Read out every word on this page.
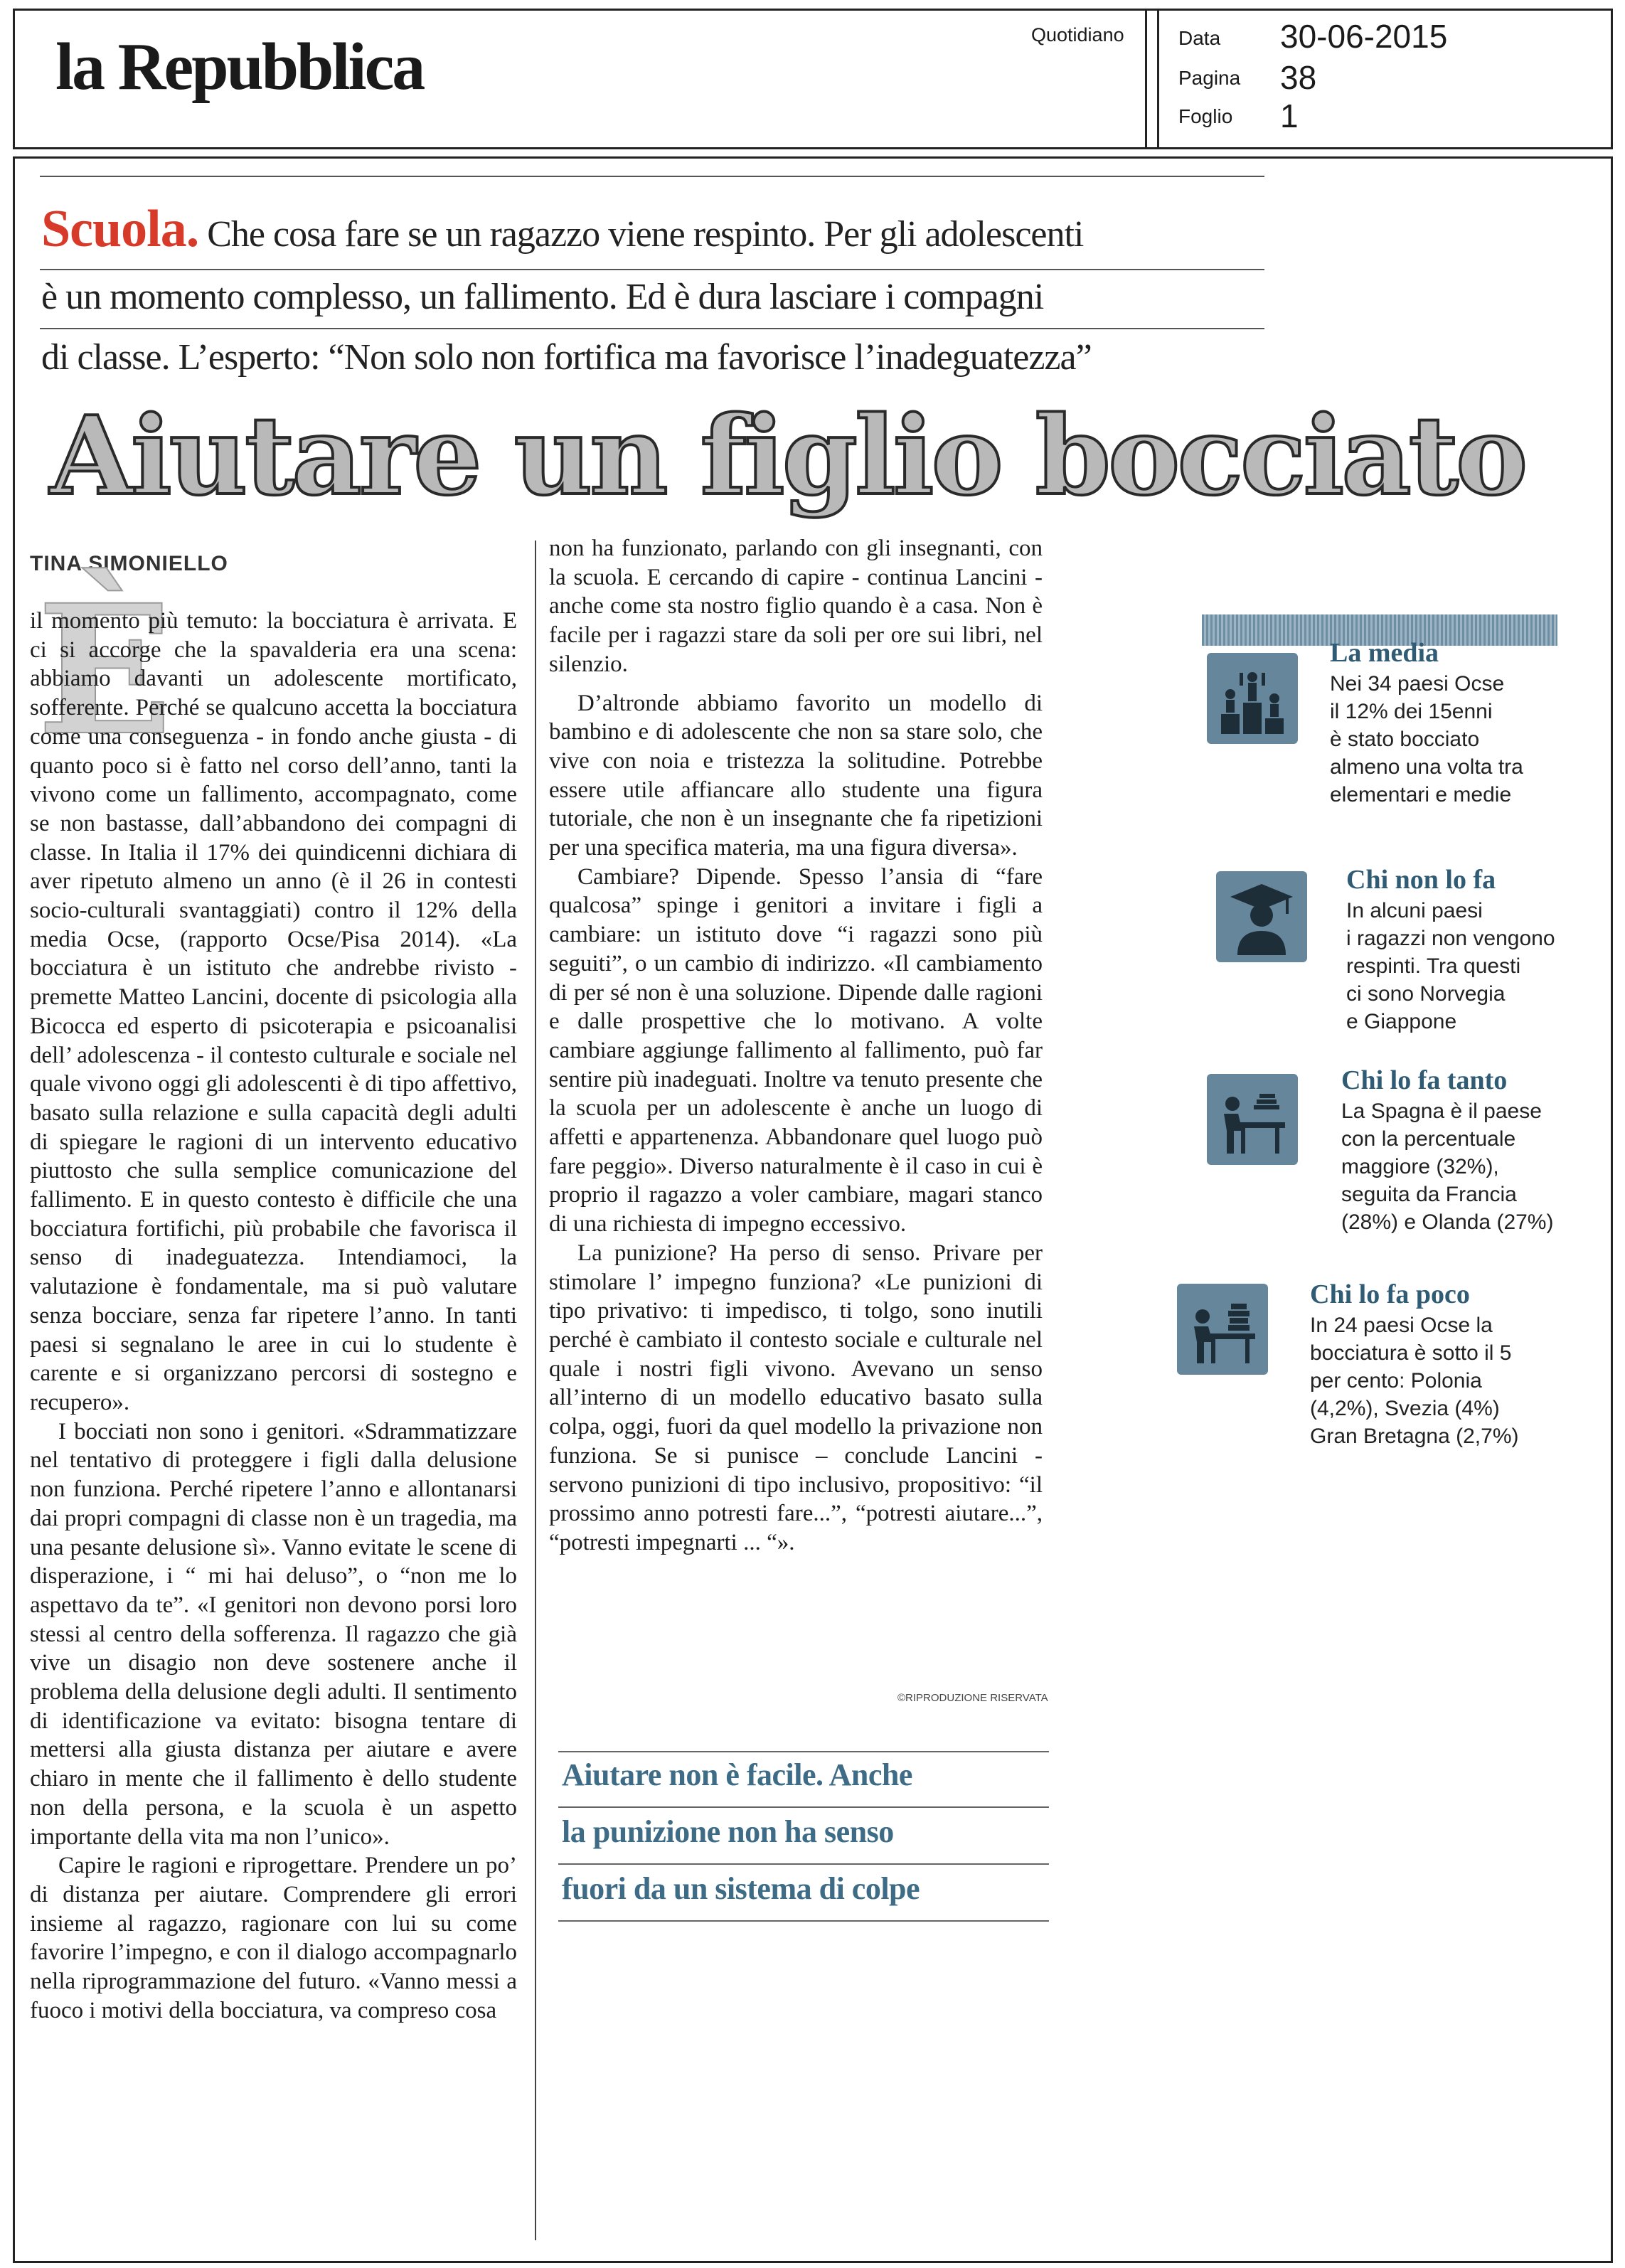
la Repubblica	Quotidiano	Data 30-06-2015
Pagina 38
Foglio 1
Scuola. Che cosa fare se un ragazzo viene respinto. Per gli adolescenti
è un momento complesso, un fallimento. Ed è dura lasciare i compagni
di classe. L’esperto: “Non solo non fortifica ma favorisce l’inadeguatezza”
Aiutare un figlio bocciato
TINA SIMONIELLO
È

il momento più temuto: la bocciatura è arrivata. E ci si accorge che la spavalderia era una scena: abbiamo davanti un adolescente mortificato, sofferente. Perché se qualcuno accetta la bocciatura come una conseguenza - in fondo anche giusta - di quanto poco si è fatto nel corso dell’anno, tanti la vivono come un fallimento, accompagnato, come se non bastasse, dall’abbandono dei compagni di classe. In Italia il 17% dei quindicenni dichiara di aver ripetuto almeno un anno (è il 26 in contesti socio-culturali svantaggiati) contro il 12% della media Ocse, (rapporto Ocse/Pisa 2014). «La bocciatura è un istituto che andrebbe rivisto - premette Matteo Lancini, docente di psicologia alla Bicocca ed esperto di psicoterapia e psicoanalisi dell’ adolescenza - il contesto culturale e sociale nel quale vivono oggi gli adolescenti è di tipo affettivo, basato sulla relazione e sulla capacità degli adulti di spiegare le ragioni di un intervento educativo piuttosto che sulla semplice comunicazione del fallimento. E in questo contesto è difficile che una bocciatura fortifichi, più probabile che favorisca il senso di inadeguatezza. Intendiamoci, la valutazione è fondamentale, ma si può valutare senza bocciare, senza far ripetere l’anno. In tanti paesi si segnalano le aree in cui lo studente è carente e si organizzano percorsi di sostegno e recupero».

I bocciati non sono i genitori. «Sdrammatizzare nel tentativo di proteggere i figli dalla delusione non funziona. Perché ripetere l’anno e allontanarsi dai propri compagni di classe non è un tragedia, ma una pesante delusione sì». Vanno evitate le scene di disperazione, i “ mi hai deluso”, o “non me lo aspettavo da te”. «I genitori non devono porsi loro stessi al centro della sofferenza. Il ragazzo che già vive un disagio non deve sostenere anche il problema della delusione degli adulti. Il sentimento di identificazione va evitato: bisogna tentare di mettersi alla giusta distanza per aiutare e avere chiaro in mente che il fallimento è dello studente non della persona, e la scuola è un aspetto importante della vita ma non l’unico».

Capire le ragioni e riprogettare. Prendere un po’ di distanza per aiutare. Comprendere gli errori insieme al ragazzo, ragionare con lui su come favorire l’impegno, e con il dialogo accompagnarlo nella riprogrammazione del futuro. «Vanno messi a fuoco i motivi della bocciatura, va compreso cosa

non ha funzionato, parlando con gli insegnanti, con la scuola. E cercando di capire - continua Lancini - anche come sta nostro figlio quando è a casa. Non è facile per i ragazzi stare da soli per ore sui libri, nel silenzio.

D’altronde abbiamo favorito un modello di bambino e di adolescente che non sa stare solo, che vive con noia e tristezza la solitudine. Potrebbe essere utile affiancare allo studente una figura tutoriale, che non è un insegnante che fa ripetizioni per una specifica materia, ma una figura diversa».

Cambiare? Dipende. Spesso l’ansia di “fare qualcosa” spinge i genitori a invitare i figli a cambiare: un istituto dove “i ragazzi sono più seguiti”, o un cambio di indirizzo. «Il cambiamento di per sé non è una soluzione. Dipende dalle ragioni e dalle prospettive che lo motivano. A volte cambiare aggiunge fallimento al fallimento, può far sentire più inadeguati. Inoltre va tenuto presente che la scuola per un adolescente è anche un luogo di affetti e appartenenza. Abbandonare quel luogo può fare peggio». Diverso naturalmente è il caso in cui è proprio il ragazzo a voler cambiare, magari stanco di una richiesta di impegno eccessivo.

La punizione? Ha perso di senso. Privare per stimolare l’ impegno funziona? «Le punizioni di tipo privativo: ti impedisco, ti tolgo, sono inutili perché è cambiato il contesto sociale e culturale nel quale i nostri figli vivono. Avevano un senso all’interno di un modello educativo basato sulla colpa, oggi, fuori da quel modello la privazione non funziona. Se si punisce – conclude Lancini - servono punizioni di tipo inclusivo, propositivo: “il prossimo anno potresti fare...”, “potresti aiutare...”, “potresti impegnarti ... “».

©RIPRODUZIONE RISERVATA
Aiutare non è facile. Anche
la punizione non ha senso
fuori da un sistema di colpe
La media
Nei 34 paesi Ocse
il 12% dei 15enni
è stato bocciato
almeno una volta tra
elementari e medie
Chi non lo fa
In alcuni paesi
i ragazzi non vengono
respinti. Tra questi
ci sono Norvegia
e Giappone
Chi lo fa tanto
La Spagna è il paese
con la percentuale
maggiore (32%),
seguita da Francia
(28%) e Olanda (27%)
Chi lo fa poco
In 24 paesi Ocse la
bocciatura è sotto il 5
per cento: Polonia
(4,2%), Svezia (4%)
Gran Bretagna (2,7%)
